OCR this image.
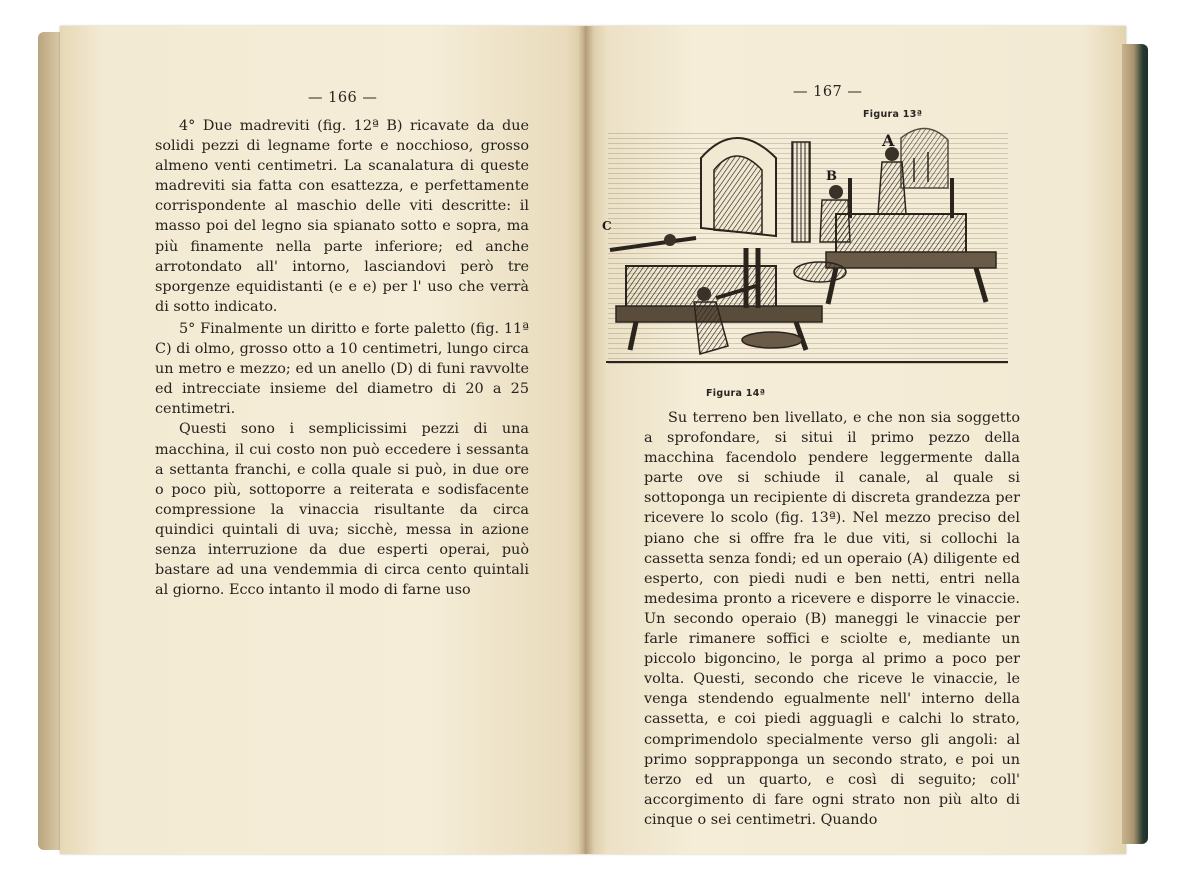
— 166 —

4° Due madreviti (fig. 12ª B) ricavate da due solidi pezzi di legname forte e nocchioso, grosso almeno venti centimetri. La scanalatura di queste madreviti sia fatta con esattezza, e perfettamente corrispondente al maschio delle viti descritte: il masso poi del legno sia spianato sotto e sopra, ma più finamente nella parte inferiore; ed anche arrotondato all' intorno, lasciandovi però tre sporgenze equidistanti (e e e) per l' uso che verrà di sotto indicato.

5° Finalmente un diritto e forte paletto (fig. 11ª C) di olmo, grosso otto a 10 centimetri, lungo circa un metro e mezzo; ed un anello (D) di funi ravvolte ed intrecciate insieme del diametro di 20 a 25 centimetri.

Questi sono i semplicissimi pezzi di una macchina, il cui costo non può eccedere i sessanta a settanta franchi, e colla quale si può, in due ore o poco più, sottoporre a reiterata e sodisfacente compressione la vinaccia risultante da circa quindici quintali di uva; sicchè, messa in azione senza interruzione da due esperti operai, può bastare ad una vendemmia di circa cento quintali al giorno. Ecco intanto il modo di farne uso

— 167 —
Figura 13ª
A
B
C
Figura 14ª

Su terreno ben livellato, e che non sia soggetto a sprofondare, si situi il primo pezzo della macchina facendolo pendere leggermente dalla parte ove si schiude il canale, al quale si sottoponga un recipiente di discreta grandezza per ricevere lo scolo (fig. 13ª). Nel mezzo preciso del piano che si offre fra le due viti, si collochi la cassetta senza fondi; ed un operaio (A) diligente ed esperto, con piedi nudi e ben netti, entri nella medesima pronto a ricevere e disporre le vinaccie. Un secondo operaio (B) maneggi le vinaccie per farle rimanere soffici e sciolte e, mediante un piccolo bigoncino, le porga al primo a poco per volta. Questi, secondo che riceve le vinaccie, le venga stendendo egualmente nell' interno della cassetta, e coi piedi agguagli e calchi lo strato, comprimendolo specialmente verso gli angoli: al primo sopprapponga un secondo strato, e poi un terzo ed un quarto, e così di seguito; coll' accorgimento di fare ogni strato non più alto di cinque o sei centimetri. Quando
